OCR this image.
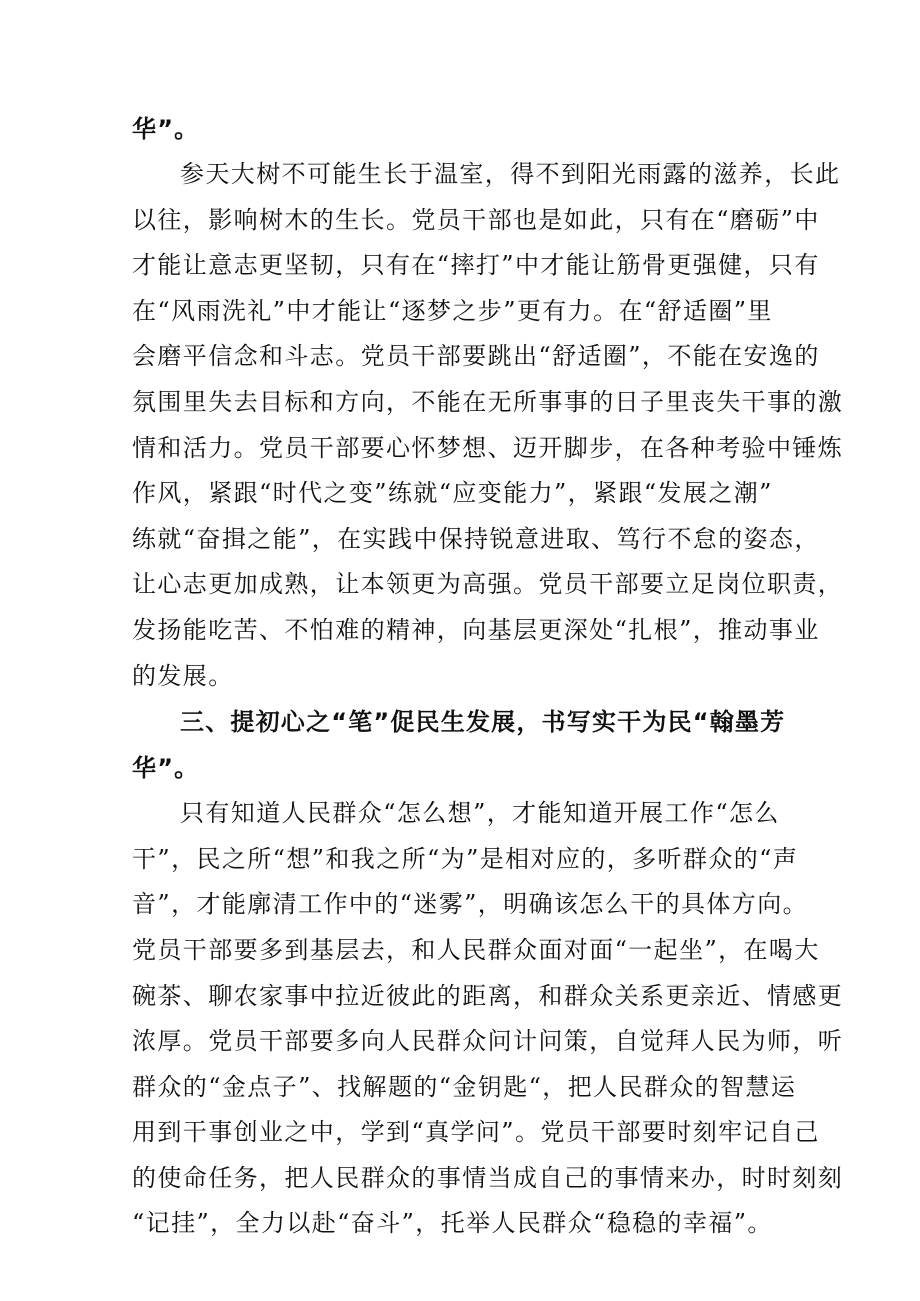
华”。

参天大树不可能生长于温室，得不到阳光雨露的滋养，长此
以往，影响树木的生长。党员干部也是如此，只有在“磨砺”中
才能让意志更坚韧，只有在“摔打”中才能让筋骨更强健，只有
在“风雨洗礼”中才能让“逐梦之步”更有力。在“舒适圈”里
会磨平信念和斗志。党员干部要跳出“舒适圈”，不能在安逸的
氛围里失去目标和方向，不能在无所事事的日子里丧失干事的激
情和活力。党员干部要心怀梦想、迈开脚步，在各种考验中锤炼
作风，紧跟“时代之变”练就“应变能力”，紧跟“发展之潮”
练就“奋揖之能”，在实践中保持锐意进取、笃行不怠的姿态，
让心志更加成熟，让本领更为高强。党员干部要立足岗位职责，
发扬能吃苦、不怕难的精神，向基层更深处“扎根”，推动事业
的发展。

三、提初心之“笔”促民生发展，书写实干为民“翰墨芳

华”。

只有知道人民群众“怎么想”，才能知道开展工作“怎么
干”，民之所“想”和我之所“为”是相对应的，多听群众的“声
音”，才能廓清工作中的“迷雾”，明确该怎么干的具体方向。
党员干部要多到基层去，和人民群众面对面“一起坐”，在喝大
碗茶、聊农家事中拉近彼此的距离，和群众关系更亲近、情感更
浓厚。党员干部要多向人民群众问计问策，自觉拜人民为师，听
群众的“金点子”、找解题的“金钥匙“，把人民群众的智慧运
用到干事创业之中，学到“真学问”。党员干部要时刻牢记自己
的使命任务，把人民群众的事情当成自己的事情来办，时时刻刻
“记挂”，全力以赴“奋斗”，托举人民群众“稳稳的幸福”。
